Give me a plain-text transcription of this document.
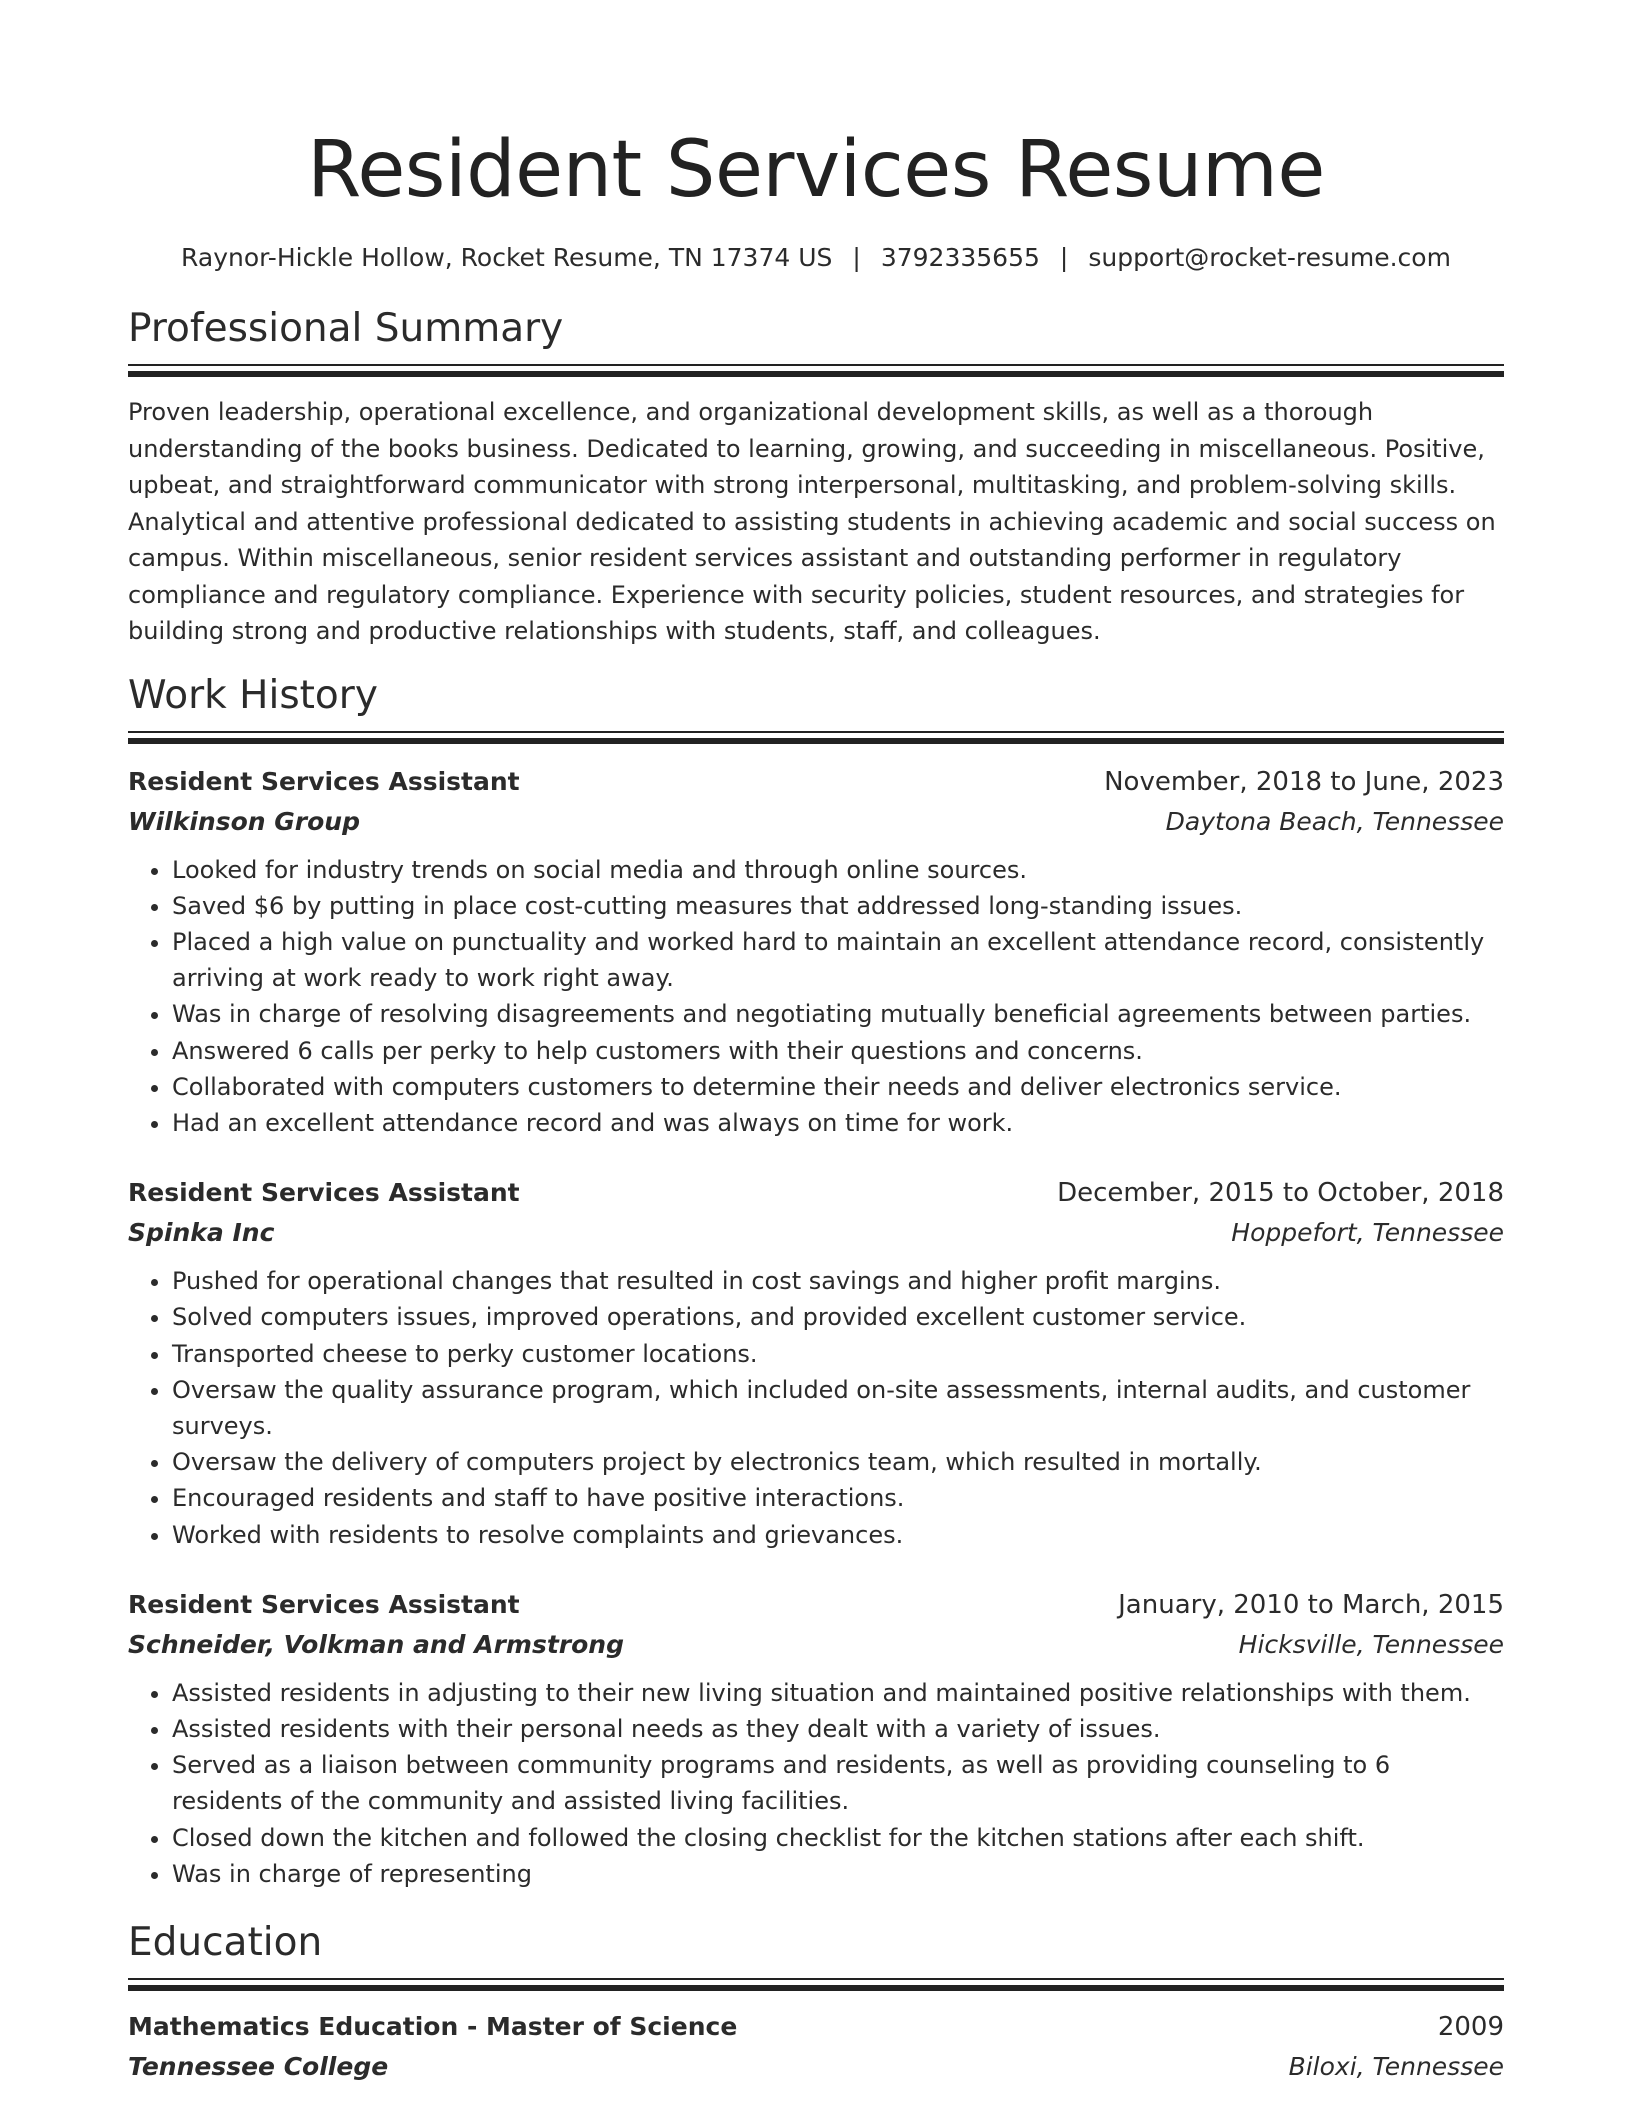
Resident Services Resume
Raynor-Hickle Hollow, Rocket Resume, TN 17374 US | 3792335655 | support@rocket-resume.com
Professional Summary

Proven leadership, operational excellence, and organizational development skills, as well as a thorough understanding of the books business. Dedicated to learning, growing, and succeeding in miscellaneous. Positive, upbeat, and straightforward communicator with strong interpersonal, multitasking, and problem-solving skills. Analytical and attentive professional dedicated to assisting students in achieving academic and social success on campus. Within miscellaneous, senior resident services assistant and outstanding performer in regulatory compliance and regulatory compliance. Experience with security policies, student resources, and strategies for building strong and productive relationships with students, staff, and colleagues.

Work History
Resident Services Assistant	November, 2018 to June, 2023
Wilkinson Group	Daytona Beach, Tennessee
• Looked for industry trends on social media and through online sources.
• Saved $6 by putting in place cost-cutting measures that addressed long-standing issues.
• Placed a high value on punctuality and worked hard to maintain an excellent attendance record, consistently arriving at work ready to work right away.
• Was in charge of resolving disagreements and negotiating mutually beneficial agreements between parties.
• Answered 6 calls per perky to help customers with their questions and concerns.
• Collaborated with computers customers to determine their needs and deliver electronics service.
• Had an excellent attendance record and was always on time for work.
Resident Services Assistant	December, 2015 to October, 2018
Spinka Inc	Hoppefort, Tennessee
• Pushed for operational changes that resulted in cost savings and higher profit margins.
• Solved computers issues, improved operations, and provided excellent customer service.
• Transported cheese to perky customer locations.
• Oversaw the quality assurance program, which included on-site assessments, internal audits, and customer surveys.
• Oversaw the delivery of computers project by electronics team, which resulted in mortally.
• Encouraged residents and staff to have positive interactions.
• Worked with residents to resolve complaints and grievances.
Resident Services Assistant	January, 2010 to March, 2015
Schneider, Volkman and Armstrong	Hicksville, Tennessee
• Assisted residents in adjusting to their new living situation and maintained positive relationships with them.
• Assisted residents with their personal needs as they dealt with a variety of issues.
• Served as a liaison between community programs and residents, as well as providing counseling to 6 residents of the community and assisted living facilities.
• Closed down the kitchen and followed the closing checklist for the kitchen stations after each shift.
• Was in charge of representing
Education
Mathematics Education - Master of Science	2009
Tennessee College	Biloxi, Tennessee
